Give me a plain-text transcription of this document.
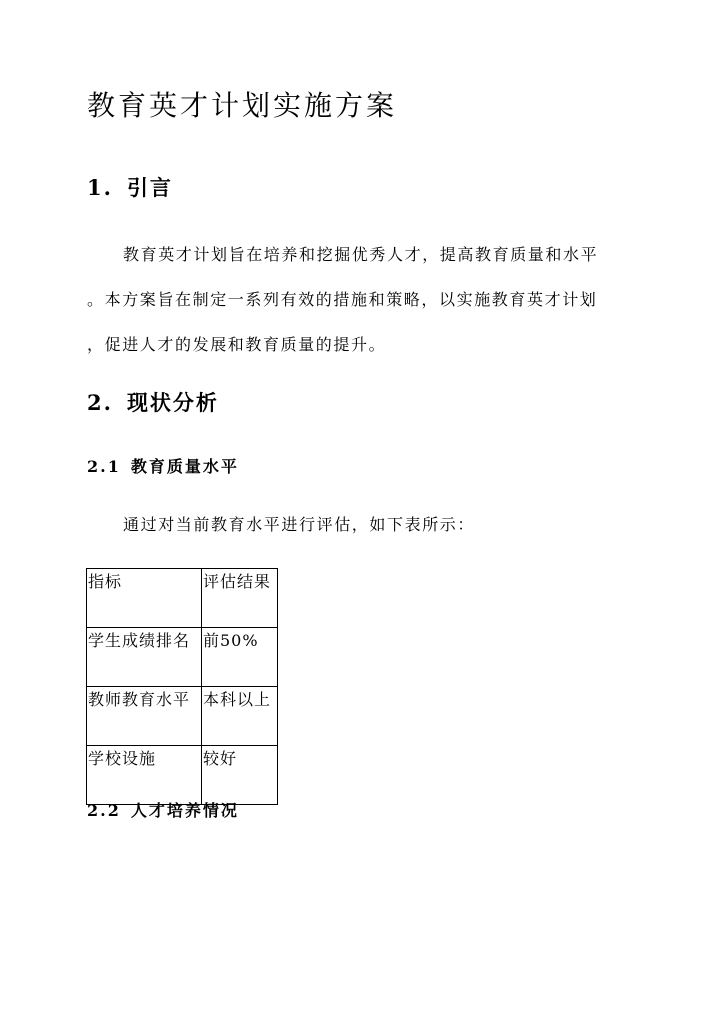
教育英才计划实施方案
1. 引言
教育英才计划旨在培养和挖掘优秀人才，提高教育质量和水平
。本方案旨在制定一系列有效的措施和策略，以实施教育英才计划
，促进人才的发展和教育质量的提升。
2. 现状分析
2.1 教育质量水平
通过对当前教育水平进行评估，如下表所示：
指标	评估结果
学生成绩排名	前50%
教师教育水平	本科以上
学校设施	较好
2.2 人才培养情况
